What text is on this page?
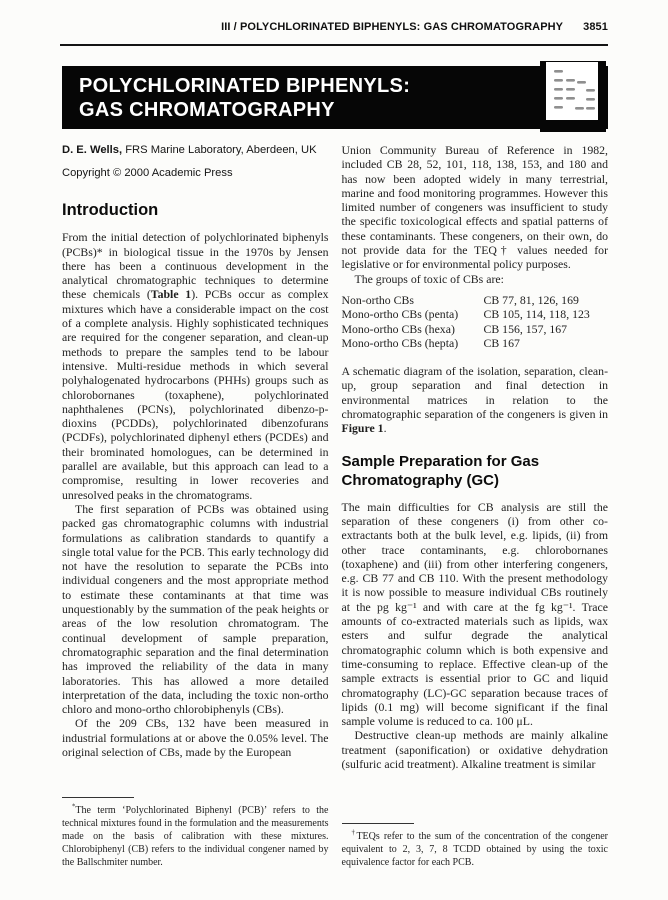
III / POLYCHLORINATED BIPHENYLS: GAS CHROMATOGRAPHY 3851
POLYCHLORINATED BIPHENYLS:
GAS CHROMATOGRAPHY
D. E. Wells, FRS Marine Laboratory, Aberdeen, UK
Copyright © 2000 Academic Press
Introduction

From the initial detection of polychlorinated biphenyls (PCBs)* in biological tissue in the 1970s by Jensen there has been a continuous development in the analytical chromatographic techniques to determine these chemicals (Table 1). PCBs occur as complex mixtures which have a considerable impact on the cost of a complete analysis. Highly sophisticated techniques are required for the congener separation, and clean-up methods to prepare the samples tend to be labour intensive. Multi-residue methods in which several polyhalogenated hydrocarbons (PHHs) groups such as chlorobornanes (toxaphene), polychlorinated naphthalenes (PCNs), polychlorinated dibenzo-p-dioxins (PCDDs), polychlorinated dibenzofurans (PCDFs), polychlorinated diphenyl ethers (PCDEs) and their brominated homologues, can be determined in parallel are available, but this approach can lead to a compromise, resulting in lower recoveries and unresolved peaks in the chromatograms.

The first separation of PCBs was obtained using packed gas chromatographic columns with industrial formulations as calibration standards to quantify a single total value for the PCB. This early technology did not have the resolution to separate the PCBs into individual congeners and the most appropriate method to estimate these contaminants at that time was unquestionably by the summation of the peak heights or areas of the low resolution chromatogram. The continual development of sample preparation, chromatographic separation and the final determination has improved the reliability of the data in many laboratories. This has allowed a more detailed interpretation of the data, including the toxic non-ortho chloro and mono-ortho chlorobiphenyls (CBs).

Of the 209 CBs, 132 have been measured in industrial formulations at or above the 0.05% level. The original selection of CBs, made by the European

*The term ‘Polychlorinated Biphenyl (PCB)’ refers to the technical mixtures found in the formulation and the measurements made on the basis of calibration with these mixtures. Chlorobiphenyl (CB) refers to the individual congener named by the Ballschmiter number.

Union Community Bureau of Reference in 1982, included CB 28, 52, 101, 118, 138, 153, and 180 and has now been adopted widely in many terrestrial, marine and food monitoring programmes. However this limited number of congeners was insufficient to study the specific toxicological effects and spatial patterns of these contaminants. These congeners, on their own, do not provide data for the TEQ† values needed for legislative or for environmental policy purposes.

The groups of toxic of CBs are:

Non-ortho CBs	CB 77, 81, 126, 169
Mono-ortho CBs (penta)	CB 105, 114, 118, 123
Mono-ortho CBs (hexa)	CB 156, 157, 167
Mono-ortho CBs (hepta)	CB 167

A schematic diagram of the isolation, separation, clean-up, group separation and final detection in environmental matrices in relation to the chromatographic separation of the congeners is given in Figure 1.

Sample Preparation for Gas Chromatography (GC)

The main difficulties for CB analysis are still the separation of these congeners (i) from other co-extractants both at the bulk level, e.g. lipids, (ii) from other trace contaminants, e.g. chlorobornanes (toxaphene) and (iii) from other interfering congeners, e.g. CB 77 and CB 110. With the present methodology it is now possible to measure individual CBs routinely at the pg kg⁻¹ and with care at the fg kg⁻¹. Trace amounts of co-extracted materials such as lipids, wax esters and sulfur degrade the analytical chromatographic column which is both expensive and time-consuming to replace. Effective clean-up of the sample extracts is essential prior to GC and liquid chromatography (LC)-GC separation because traces of lipids (0.1 mg) will become significant if the final sample volume is reduced to ca. 100 μL.

Destructive clean-up methods are mainly alkaline treatment (saponification) or oxidative dehydration (sulfuric acid treatment). Alkaline treatment is similar

†TEQs refer to the sum of the concentration of the congener equivalent to 2, 3, 7, 8 TCDD obtained by using the toxic equivalence factor for each PCB.
